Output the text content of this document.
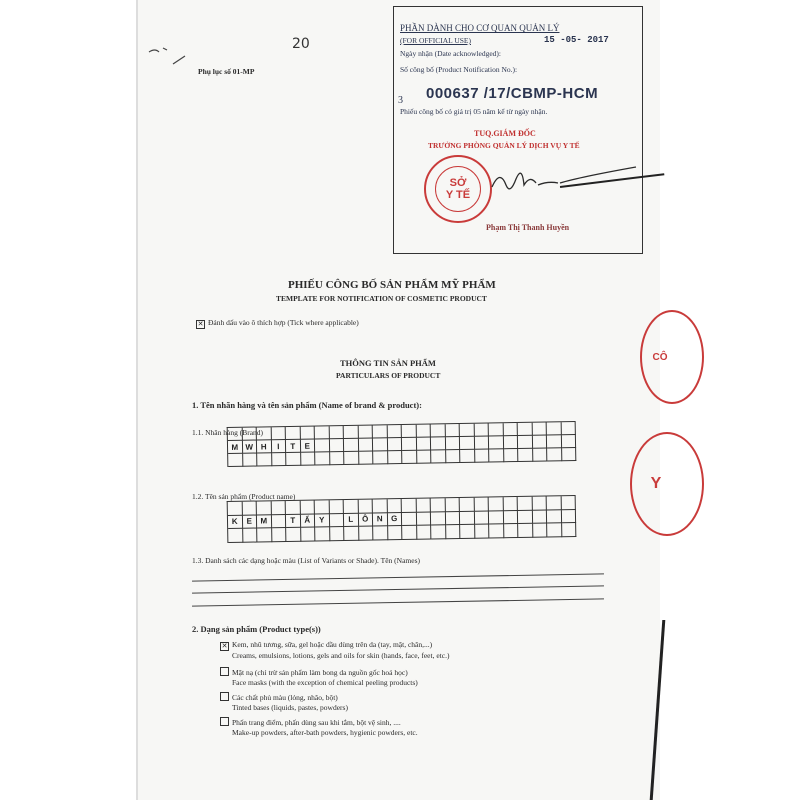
20
Phụ lục số 01-MP
PHẦN DÀNH CHO CƠ QUAN QUẢN LÝ
(FOR OFFICIAL USE)
Ngày nhận (Date acknowledged):
15 -05- 2017
Số công bố (Product Notification No.):
3 000637 /17/CBMP-HCM
Phiếu công bố có giá trị 05 năm kể từ ngày nhận.
TUQ.GIÁM ĐỐC
TRƯỞNG PHÒNG QUẢN LÝ DỊCH VỤ Y TẾ
SỞ
Y TẾ
Phạm Thị Thanh Huyền
PHIẾU CÔNG BỐ SẢN PHẨM MỸ PHẨM
TEMPLATE FOR NOTIFICATION OF COSMETIC PRODUCT
✕ Đánh dấu vào ô thích hợp (Tick where applicable)
THÔNG TIN SẢN PHẨM
PARTICULARS OF PRODUCT
1. Tên nhãn hàng và tên sản phẩm (Name of brand & product):
1.1. Nhãn hàng (Brand)
M W H	I	T	E
1.2. Tên sản phẩm (Product name)
K	E	M	T	Ẩ	Y	L	Ô	N	G
1.3. Danh sách các dạng hoặc màu (List of Variants or Shade). Tên (Names)
2. Dạng sản phẩm (Product type(s))
✕ Kem, nhũ tương, sữa, gel hoặc dầu dùng trên da (tay, mặt, chân,...)
Creams, emulsions, lotions, gels and oils for skin (hands, face, feet, etc.)
Mặt nạ (chỉ trừ sản phẩm làm bong da nguồn gốc hoá học)
Face masks (with the exception of chemical peeling products)
Các chất phủ màu (lỏng, nhão, bột)
Tinted bases (liquids, pastes, powders)
Phấn trang điểm, phấn dùng sau khi tắm, bột vệ sinh, ....
Make-up powders, after-bath powders, hygienic powders, etc.
CÔ
Y
